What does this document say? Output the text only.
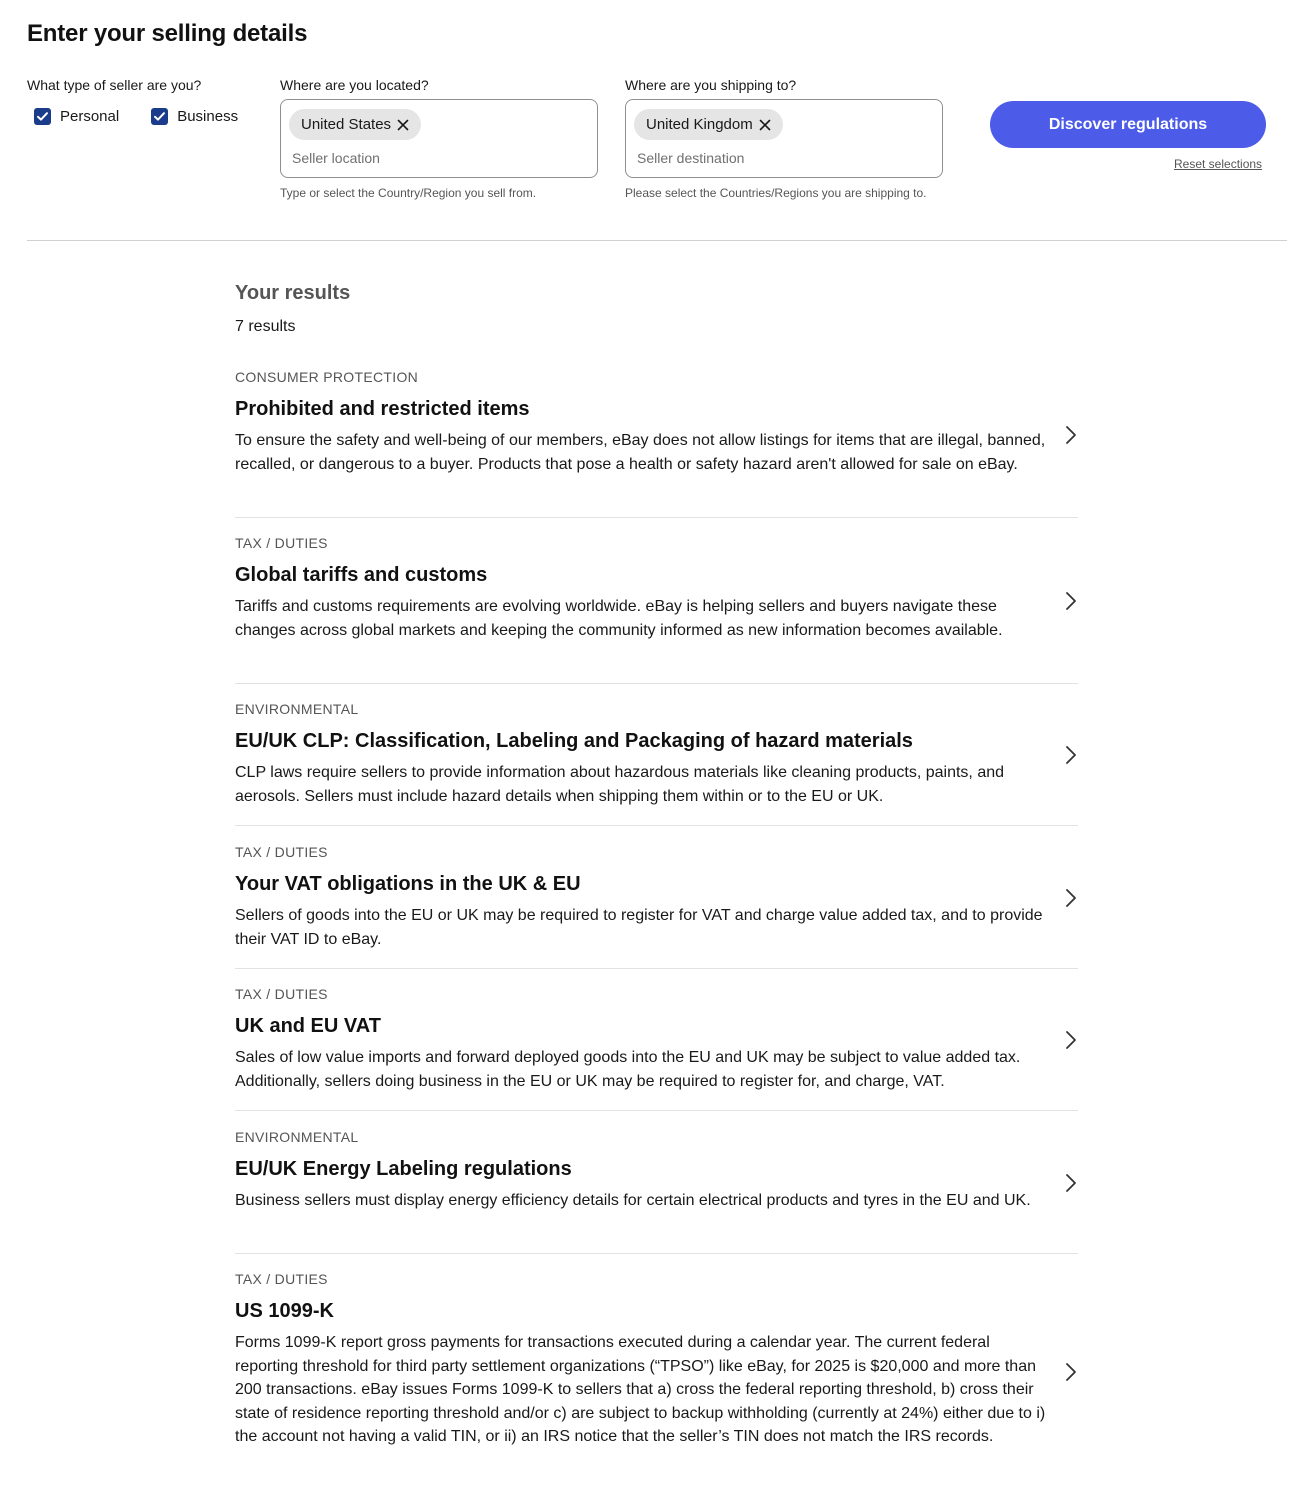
Enter your selling details
What type of seller are you?
Personal	Business
Where are you located?
United States
Seller location
Type or select the Country/Region you sell from.
Where are you shipping to?
United Kingdom
Seller destination
Please select the Countries/Regions you are shipping to.
Discover regulations
Reset selections
Your results
7 results
CONSUMER PROTECTION
Prohibited and restricted items
To ensure the safety and well-being of our members, eBay does not allow listings for items that are illegal, banned, recalled, or dangerous to a buyer. Products that pose a health or safety hazard aren't allowed for sale on eBay.
TAX / DUTIES
Global tariffs and customs
Tariffs and customs requirements are evolving worldwide. eBay is helping sellers and buyers navigate these changes across global markets and keeping the community informed as new information becomes available.
ENVIRONMENTAL
EU/UK CLP: Classification, Labeling and Packaging of hazard materials
CLP laws require sellers to provide information about hazardous materials like cleaning products, paints, and aerosols. Sellers must include hazard details when shipping them within or to the EU or UK.
TAX / DUTIES
Your VAT obligations in the UK & EU
Sellers of goods into the EU or UK may be required to register for VAT and charge value added tax, and to provide their VAT ID to eBay.
TAX / DUTIES
UK and EU VAT
Sales of low value imports and forward deployed goods into the EU and UK may be subject to value added tax. Additionally, sellers doing business in the EU or UK may be required to register for, and charge, VAT.
ENVIRONMENTAL
EU/UK Energy Labeling regulations
Business sellers must display energy efficiency details for certain electrical products and tyres in the EU and UK.
TAX / DUTIES
US 1099-K
Forms 1099-K report gross payments for transactions executed during a calendar year. The current federal reporting threshold for third party settlement organizations (“TPSO”) like eBay, for 2025 is $20,000 and more than 200 transactions. eBay issues Forms 1099-K to sellers that a) cross the federal reporting threshold, b) cross their state of residence reporting threshold and/or c) are subject to backup withholding (currently at 24%) either due to i) the account not having a valid TIN, or ii) an IRS notice that the seller’s TIN does not match the IRS records.
